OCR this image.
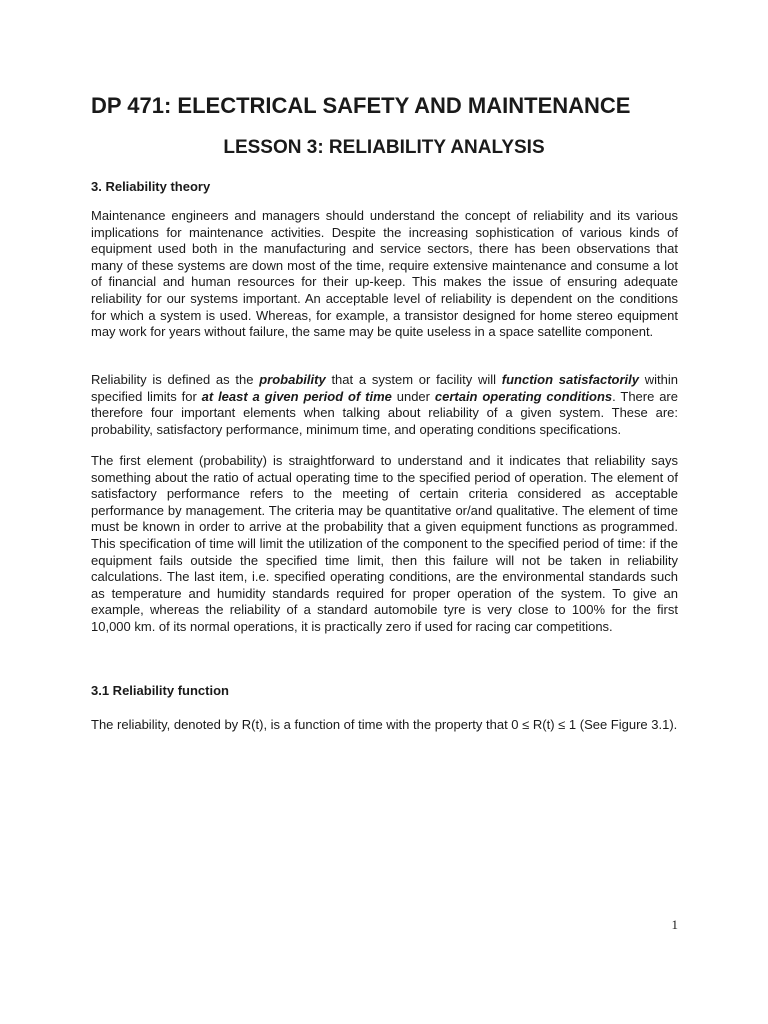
DP 471: ELECTRICAL SAFETY AND MAINTENANCE
LESSON 3: RELIABILITY ANALYSIS
3. Reliability theory

Maintenance engineers and managers should understand the concept of reliability and its various implications for maintenance activities. Despite the increasing sophistication of various kinds of equipment used both in the manufacturing and service sectors, there has been observations that many of these systems are down most of the time, require extensive maintenance and consume a lot of financial and human resources for their up-keep. This makes the issue of ensuring adequate reliability for our systems important. An acceptable level of reliability is dependent on the conditions for which a system is used. Whereas, for example, a transistor designed for home stereo equipment may work for years without failure, the same may be quite useless in a space satellite component.

Reliability is defined as the probability that a system or facility will function satisfactorily within specified limits for at least a given period of time under certain operating conditions. There are therefore four important elements when talking about reliability of a given system. These are: probability, satisfactory performance, minimum time, and operating conditions specifications.

The first element (probability) is straightforward to understand and it indicates that reliability says something about the ratio of actual operating time to the specified period of operation. The element of satisfactory performance refers to the meeting of certain criteria considered as acceptable performance by management. The criteria may be quantitative or/and qualitative. The element of time must be known in order to arrive at the probability that a given equipment functions as programmed. This specification of time will limit the utilization of the component to the specified period of time: if the equipment fails outside the specified time limit, then this failure will not be taken in reliability calculations. The last item, i.e. specified operating conditions, are the environmental standards such as temperature and humidity standards required for proper operation of the system. To give an example, whereas the reliability of a standard automobile tyre is very close to 100% for the first 10,000 km. of its normal operations, it is practically zero if used for racing car competitions.

3.1 Reliability function

The reliability, denoted by R(t), is a function of time with the property that 0 ≤ R(t) ≤ 1 (See Figure 3.1).

1
